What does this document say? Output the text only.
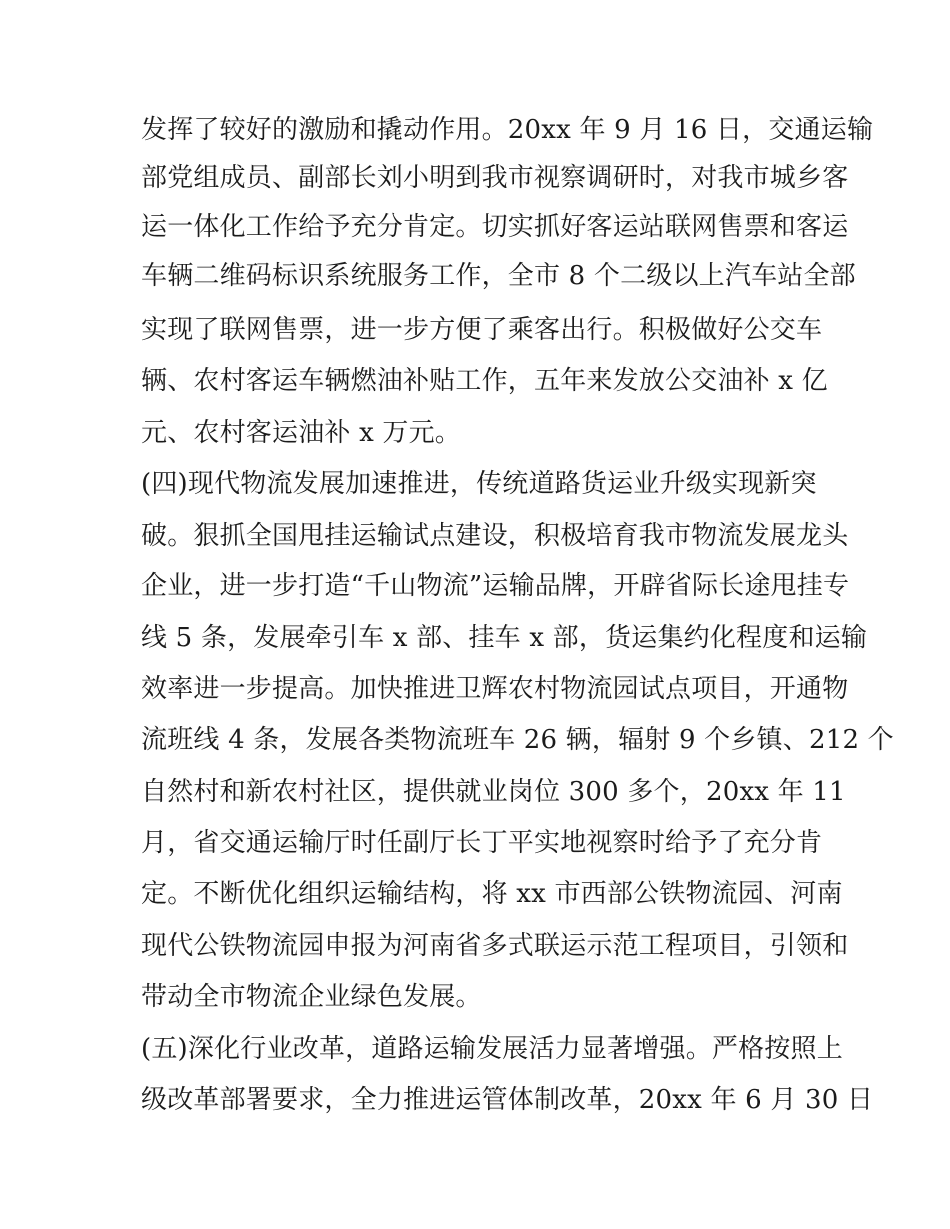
发挥了较好的激励和撬动作用。20xx 年 9 月 16 日，交通运输
部党组成员、副部长刘小明到我市视察调研时，对我市城乡客
运一体化工作给予充分肯定。切实抓好客运站联网售票和客运
车辆二维码标识系统服务工作，全市 8 个二级以上汽车站全部
实现了联网售票，进一步方便了乘客出行。积极做好公交车
辆、农村客运车辆燃油补贴工作，五年来发放公交油补 x 亿
元、农村客运油补 x 万元。
(四)现代物流发展加速推进，传统道路货运业升级实现新突
破。狠抓全国甩挂运输试点建设，积极培育我市物流发展龙头
企业，进一步打造“千山物流”运输品牌，开辟省际长途甩挂专
线 5 条，发展牵引车 x 部、挂车 x 部，货运集约化程度和运输
效率进一步提高。加快推进卫辉农村物流园试点项目，开通物
流班线 4 条，发展各类物流班车 26 辆，辐射 9 个乡镇、212 个
自然村和新农村社区，提供就业岗位 300 多个，20xx 年 11
月，省交通运输厅时任副厅长丁平实地视察时给予了充分肯
定。不断优化组织运输结构，将 xx 市西部公铁物流园、河南
现代公铁物流园申报为河南省多式联运示范工程项目，引领和
带动全市物流企业绿色发展。
(五)深化行业改革，道路运输发展活力显著增强。严格按照上
级改革部署要求，全力推进运管体制改革，20xx 年 6 月 30 日
